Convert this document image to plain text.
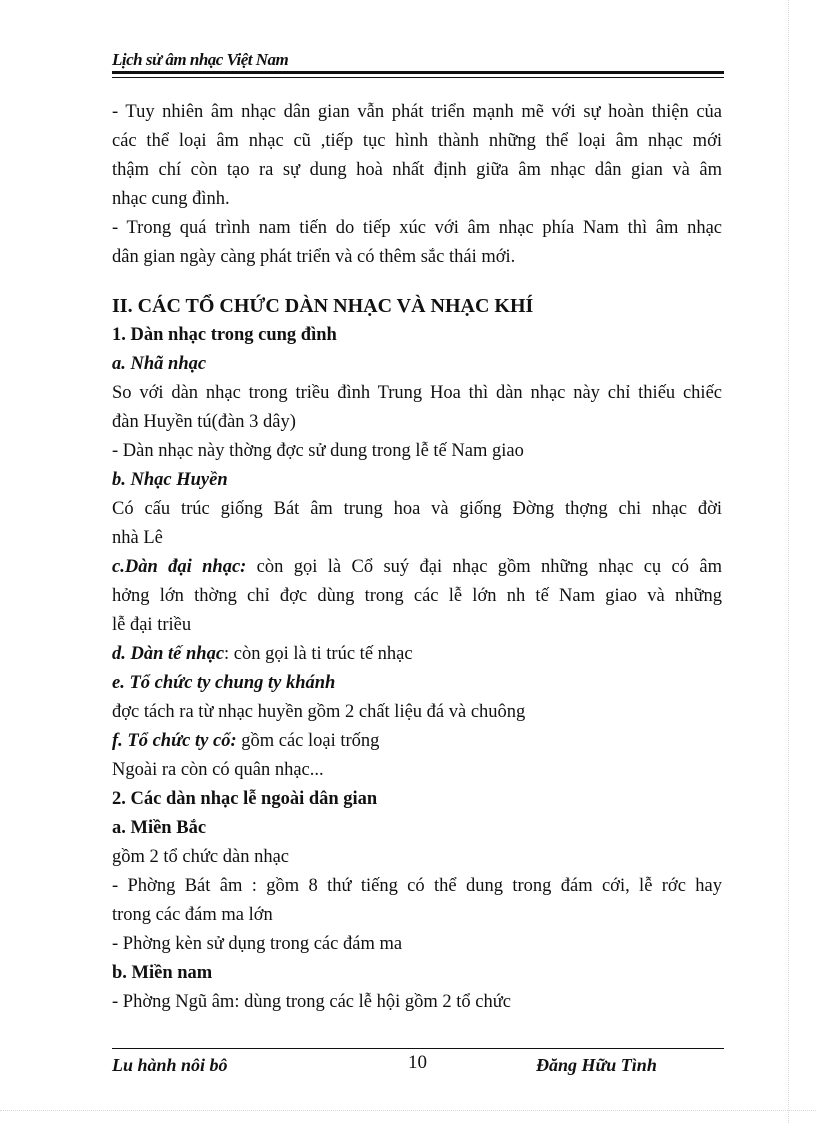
Lịch sử âm nhạc Việt Nam
- Tuy nhiên âm nhạc dân gian vẫn phát triển mạnh mẽ với sự hoàn thiện của
các thể loại âm nhạc cũ ,tiếp tục hình thành những thể loại âm nhạc mới
thậm chí còn tạo ra sự dung hoà nhất định giữa âm nhạc dân gian và âm
nhạc cung đình.
- Trong quá trình nam tiến do tiếp xúc với âm nhạc phía Nam thì âm nhạc
dân gian ngày càng phát triển và có thêm sắc thái mới.
II. CÁC TỔ CHỨC DÀN NHẠC VÀ NHẠC KHÍ
1. Dàn nhạc trong cung đình
a. Nhã nhạc
So với dàn nhạc trong triều đình Trung Hoa thì dàn nhạc này chỉ thiếu chiếc
đàn Huyền tú(đàn 3 dây)
- Dàn nhạc này thờng đợc sử dung trong lễ tế Nam giao
b. Nhạc Huyền
Có cấu trúc giống Bát âm trung hoa và giống Đờng thợng chi nhạc đời
nhà Lê
c.Dàn đại nhạc: còn gọi là Cổ suý đại nhạc gồm những nhạc cụ có âm
hởng lớn thờng chỉ đợc dùng trong các lễ lớn nh tế Nam giao và những
lễ đại triều
d. Dàn tế nhạc: còn gọi là ti trúc tế nhạc
e. Tổ chức ty chung ty khánh
đợc tách ra từ nhạc huyền gồm 2 chất liệu đá và chuông
f. Tổ chức ty cổ: gồm các loại trống
Ngoài ra còn có quân nhạc...
2. Các dàn nhạc lễ ngoài dân gian
a. Miền Bắc
gồm 2 tổ chức dàn nhạc
- Phờng Bát âm : gồm 8 thứ tiếng có thể dung trong đám cới, lễ rớc hay
trong các đám ma lớn
- Phờng kèn sử dụng trong các đám ma
b. Miền nam
- Phờng Ngũ âm: dùng trong các lễ hội gồm 2 tổ chức
Lu hành nôi bô	10	Đăng Hữu Tình
